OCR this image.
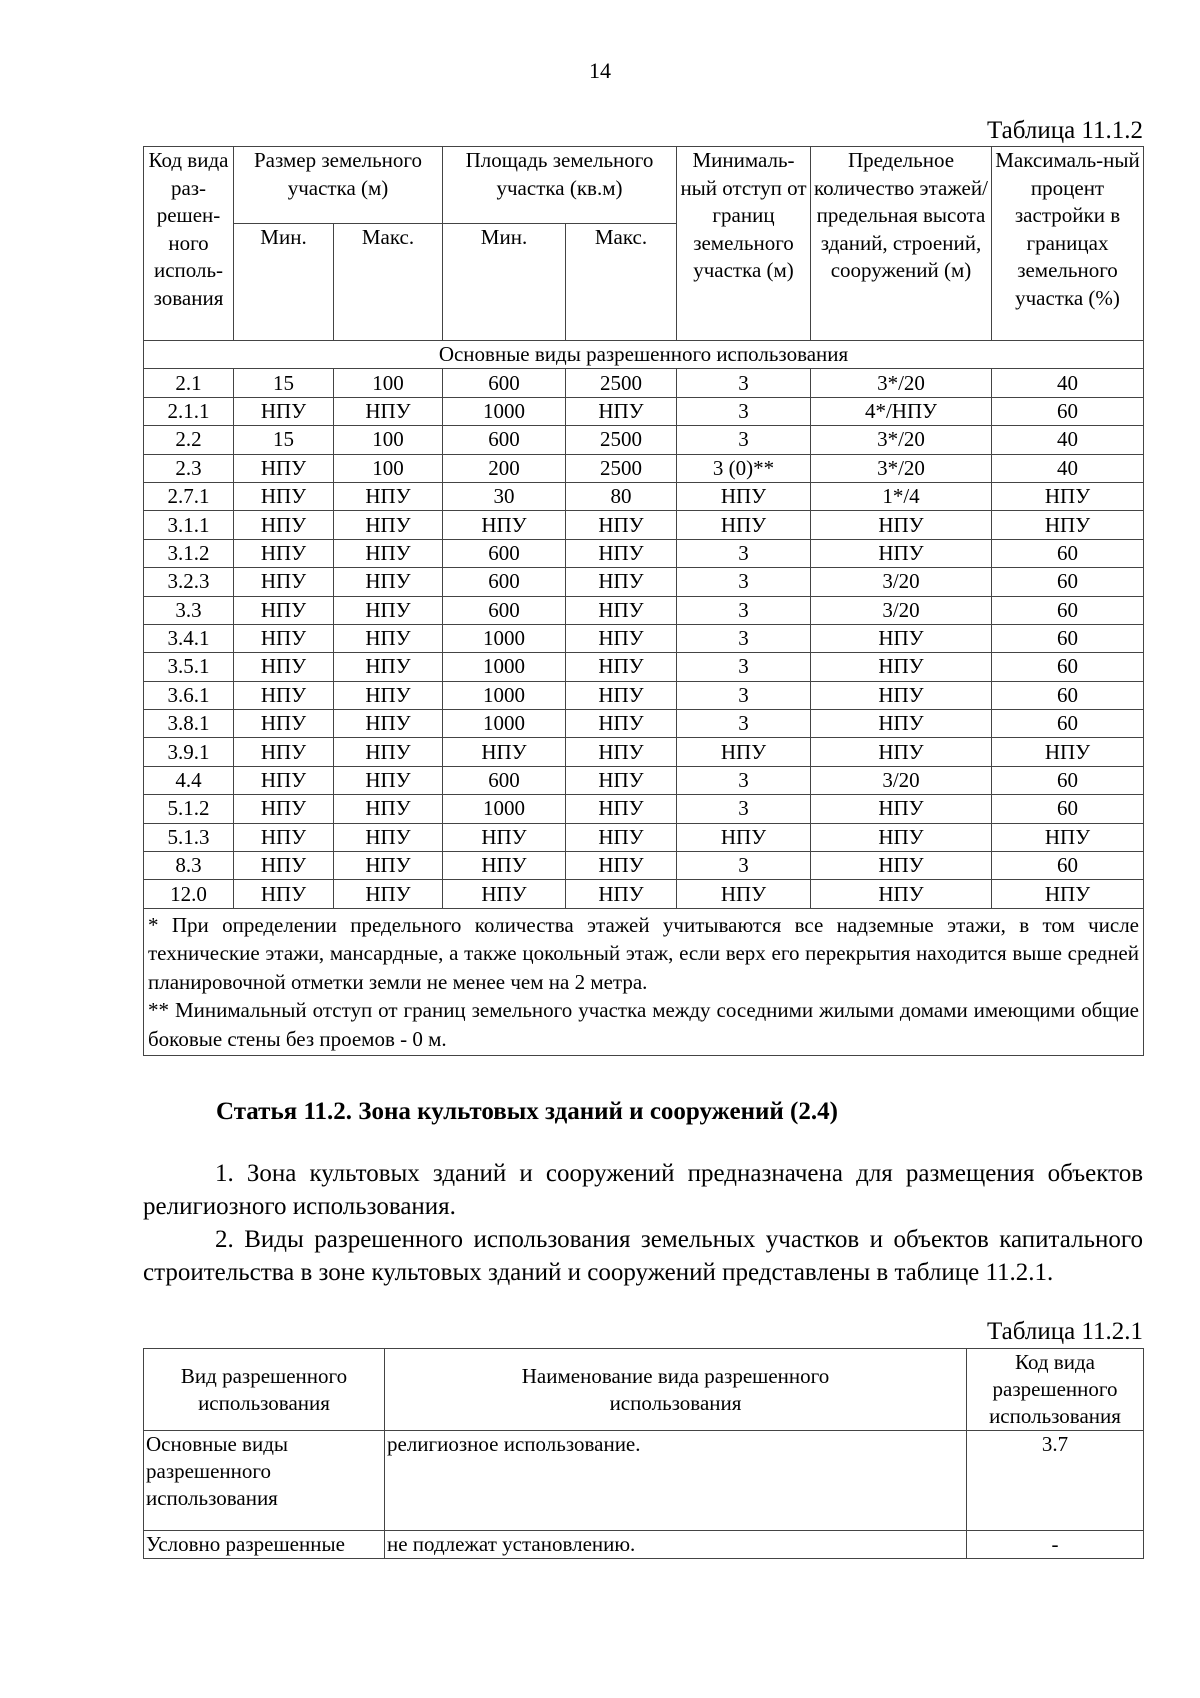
14
Таблица 11.1.2
Код вида раз-решен-ного исполь-зования	Размер земельного участка (м)		Площадь земельного участка (кв.м)		Минималь-ный отступ от границ земельного участка (м)	Предельное количество этажей/ предельная высота зданий, строений, сооружений (м)	Максималь-ный процент застройки в границах земельного участка (%)
	Мин.	Макс.	Мин.	Макс.			
Основные виды разрешенного использования							
2.1	15	100	600	2500	3	3*/20	40
2.1.1	НПУ	НПУ	1000	НПУ	3	4*/НПУ	60
2.2	15	100	600	2500	3	3*/20	40
2.3	НПУ	100	200	2500	3 (0)**	3*/20	40
2.7.1	НПУ	НПУ	30	80	НПУ	1*/4	НПУ
3.1.1	НПУ	НПУ	НПУ	НПУ	НПУ	НПУ	НПУ
3.1.2	НПУ	НПУ	600	НПУ	3	НПУ	60
3.2.3	НПУ	НПУ	600	НПУ	3	3/20	60
3.3	НПУ	НПУ	600	НПУ	3	3/20	60
3.4.1	НПУ	НПУ	1000	НПУ	3	НПУ	60
3.5.1	НПУ	НПУ	1000	НПУ	3	НПУ	60
3.6.1	НПУ	НПУ	1000	НПУ	3	НПУ	60
3.8.1	НПУ	НПУ	1000	НПУ	3	НПУ	60
3.9.1	НПУ	НПУ	НПУ	НПУ	НПУ	НПУ	НПУ
4.4	НПУ	НПУ	600	НПУ	3	3/20	60
5.1.2	НПУ	НПУ	1000	НПУ	3	НПУ	60
5.1.3	НПУ	НПУ	НПУ	НПУ	НПУ	НПУ	НПУ
8.3	НПУ	НПУ	НПУ	НПУ	3	НПУ	60
12.0	НПУ	НПУ	НПУ	НПУ	НПУ	НПУ	НПУ

* При определении предельного количества этажей учитываются все надземные этажи, в том числе технические этажи, мансардные, а также цокольный этаж, если верх его перекрытия находится выше средней планировочной отметки земли не менее чем на 2 метра.
** Минимальный отступ от границ земельного участка между соседними жилыми домами имеющими общие боковые стены без проемов - 0 м.							
Статья 11.2. Зона культовых зданий и сооружений (2.4)

1. Зона культовых зданий и сооружений предназначена для размещения объектов религиозного использования.

2. Виды разрешенного использования земельных участков и объектов капитального строительства в зоне культовых зданий и сооружений представлены в таблице 11.2.1.

Таблица 11.2.1
Вид разрешенного использования	Наименование вида разрешенного использования	Код вида разрешенного использования
Основные виды разрешенного использования	религиозное использование.	3.7
Условно разрешенные	не подлежат установлению.	-
